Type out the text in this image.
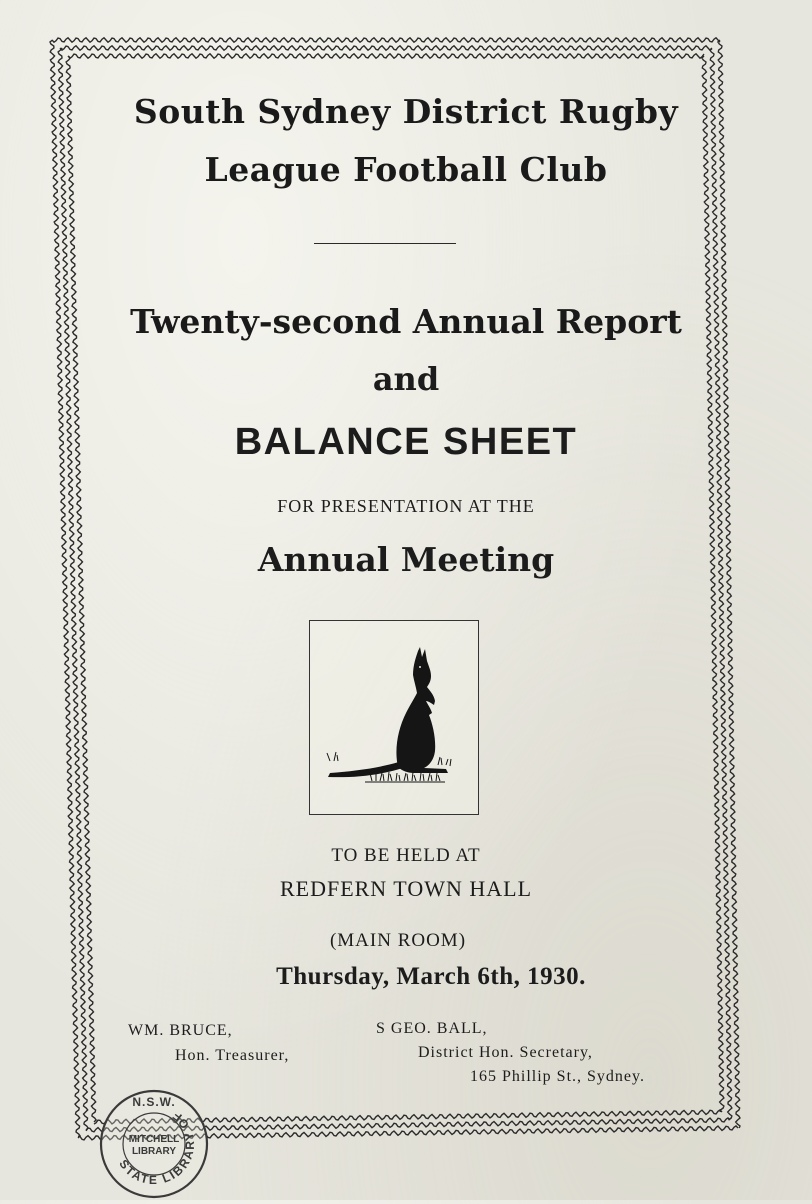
South Sydney District Rugby
League Football Club
Twenty-second Annual Report
and
BALANCE SHEET
FOR PRESENTATION AT THE
Annual Meeting
TO BE HELD AT
REDFERN TOWN HALL
(MAIN ROOM)
Thursday, March 6th, 1930.
WM. BRUCE,
Hon. Treasurer,
S GEO. BALL,
District Hon. Secretary,
165 Phillip St., Sydney.
STATE LIBRARY OF
N.S.W.
MITCHELL
LIBRARY
